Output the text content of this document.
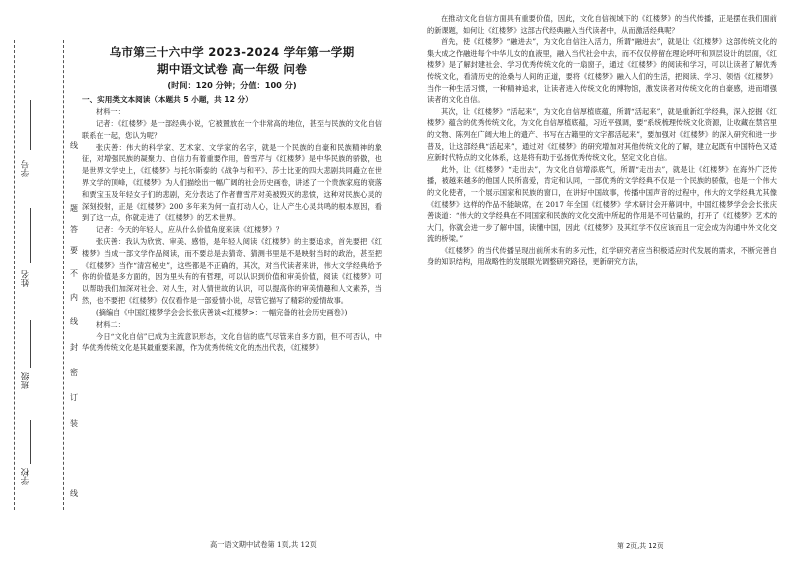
学号
姓名
班级
学校
线
题
答
要
不
内
线
封
密
订
装
线
乌市第三十六中学 2023-2024 学年第一学期
期中语文试卷 高一年级 问卷
(时间：120 分钟；分值：100 分)
一、实用类文本阅读（本题共 5 小题，共 12 分）

材料一：

记者：《红楼梦》是一部经典小说，它被置放在一个非常高的地位，甚至与民族的文化自信联系在一起，您认为呢？

张庆善：伟大的科学家、艺术家、文学家的名字，就是一个民族的自豪和民族精神的象征，对增强民族的凝聚力、自信力有着重要作用，曾雪芹与《红楼梦》是中华民族的骄傲，也是世界文学史上，《红楼梦》与托尔斯泰的《战争与和平》、莎士比亚的四大悲剧共同矗立在世界文学的顶峰，《红楼梦》为人们描绘出一幅广阔的社会历史画卷，讲述了一个贵族家庭的衰落和贾宝玉及年轻女子们的悲剧，充分表达了作者曹雪芹对美被毁灭的悲愤，这种对民族心灵的深刻投射，正是《红楼梦》200 多年来为何一直打动人心，让人产生心灵共鸣的根本原因，看到了这一点，你就走进了《红楼梦》的艺术世界。

记者：今天的年轻人，应从什么价值角度来读《红楼梦》？

张庆善：我认为欣赏、审美、感悟，是年轻人阅读《红楼梦》的主要追求，首先要把《红楼梦》当成一部文学作品阅读，而不要总是去猜奇、猜测书里是不是映射当时的政治，甚至把《红楼梦》当作“清宫秘史”，这些都是不正确的，其次，对当代读者来讲，伟大文学经典给予你的价值是多方面的，因为里头有的有哲理，可以认识到价值和审美价值，阅读《红楼梦》可以帮助我们加深对社会、对人生，对人情世故的认识，可以提高你的审美情趣和人文素养，当然，也不要把《红楼梦》仅仅看作是一部爱情小说，尽管它描写了精彩的爱情故事。

(摘编自《中国红楼梦学会会长张庆善谈<红楼梦>：一幅完备的社会历史画卷》)

材料二：

今日“文化自信”已成为主流意识形态，文化自信的底气尽管来自多方面，但不可否认，中华优秀传统文化是其最重要来源，作为优秀传统文化的杰出代表，《红楼梦》

高一语文期中试卷第 1页,共 12页

在推动文化自信方面具有重要价值，因此，文化自信视域下的《红楼梦》的当代传播，正是摆在我们面前的新课题，如何让《红楼梦》这部古代经典融入当代读者中，从而激活经典呢？

首先，使《红楼梦》“融进去”，为文化自信注入活力，所谓“融进去”，就是让《红楼梦》这部传统文化的集大成之作融进每个中华儿女的血液里，融入当代社会中去，而不仅仅停留在理论呼吁和顶层设计的层面，《红楼梦》是了解封建社会、学习优秀传统文化的一扇窗子，通过《红楼梦》的阅读和学习，可以让读者了解优秀传统文化，看清历史的沧桑与人间的正道，要将《红楼梦》融入人们的生活，把阅读、学习、领悟《红楼梦》当作一种生活习惯，一种精神追求，让读者进入传统文化的博物馆，激发读者对传统文化的自豪感，进而增强读者的文化自信。

其次，让《红楼梦》“活起来”，为文化自信厚植底蕴，所谓“活起来”，就是重新红学经典，深入挖掘《红楼梦》蕴含的优秀传统文化，为文化自信厚植底蕴，习近平强调，要“系统梳理传统文化资源，让收藏在禁宫里的文物、陈列在广阔大地上的遗产、书写在古籍里的文字都活起来”，要加强对《红楼梦》的深入研究和进一步普及，让这部经典“活起来”，通过对《红楼梦》的研究增加对其他传统文化的了解，建立起既有中国特色又适应新时代特点的文化体系，这是将有助于弘扬优秀传统文化，坚定文化自信。

此外，让《红楼梦》“走出去”，为文化自信增添底气，所谓“走出去”，就是让《红楼梦》在海外广泛传播，被越来越多的他国人民所喜爱，肯定和认同，一部优秀的文学经典不仅是一个民族的骄傲，也是一个伟大的文化使者，一个展示国家和民族的窗口，在讲好中国故事，传播中国声音的过程中，伟大的文学经典尤其像《红楼梦》这样的作品不能缺席，在 2017 年全国《红楼梦》学术研讨会开幕词中，中国红楼梦学会会长张庆善谈道：“伟大的文学经典在不同国家和民族的文化交流中所起的作用是不可估量的，打开了《红楼梦》艺术的大门，你就会进一步了解中国，读懂中国，因此《红楼梦》及其红学不仅应该而且一定会成为沟通中外文化交流的桥梁。”

《红楼梦》的当代传播呈现出前所未有的多元性，红学研究者应当积极适应时代发展的需求，不断完善自身的知识结构，用战略性的发展眼光调整研究路径，更新研究方法，

第 2页,共 12页
